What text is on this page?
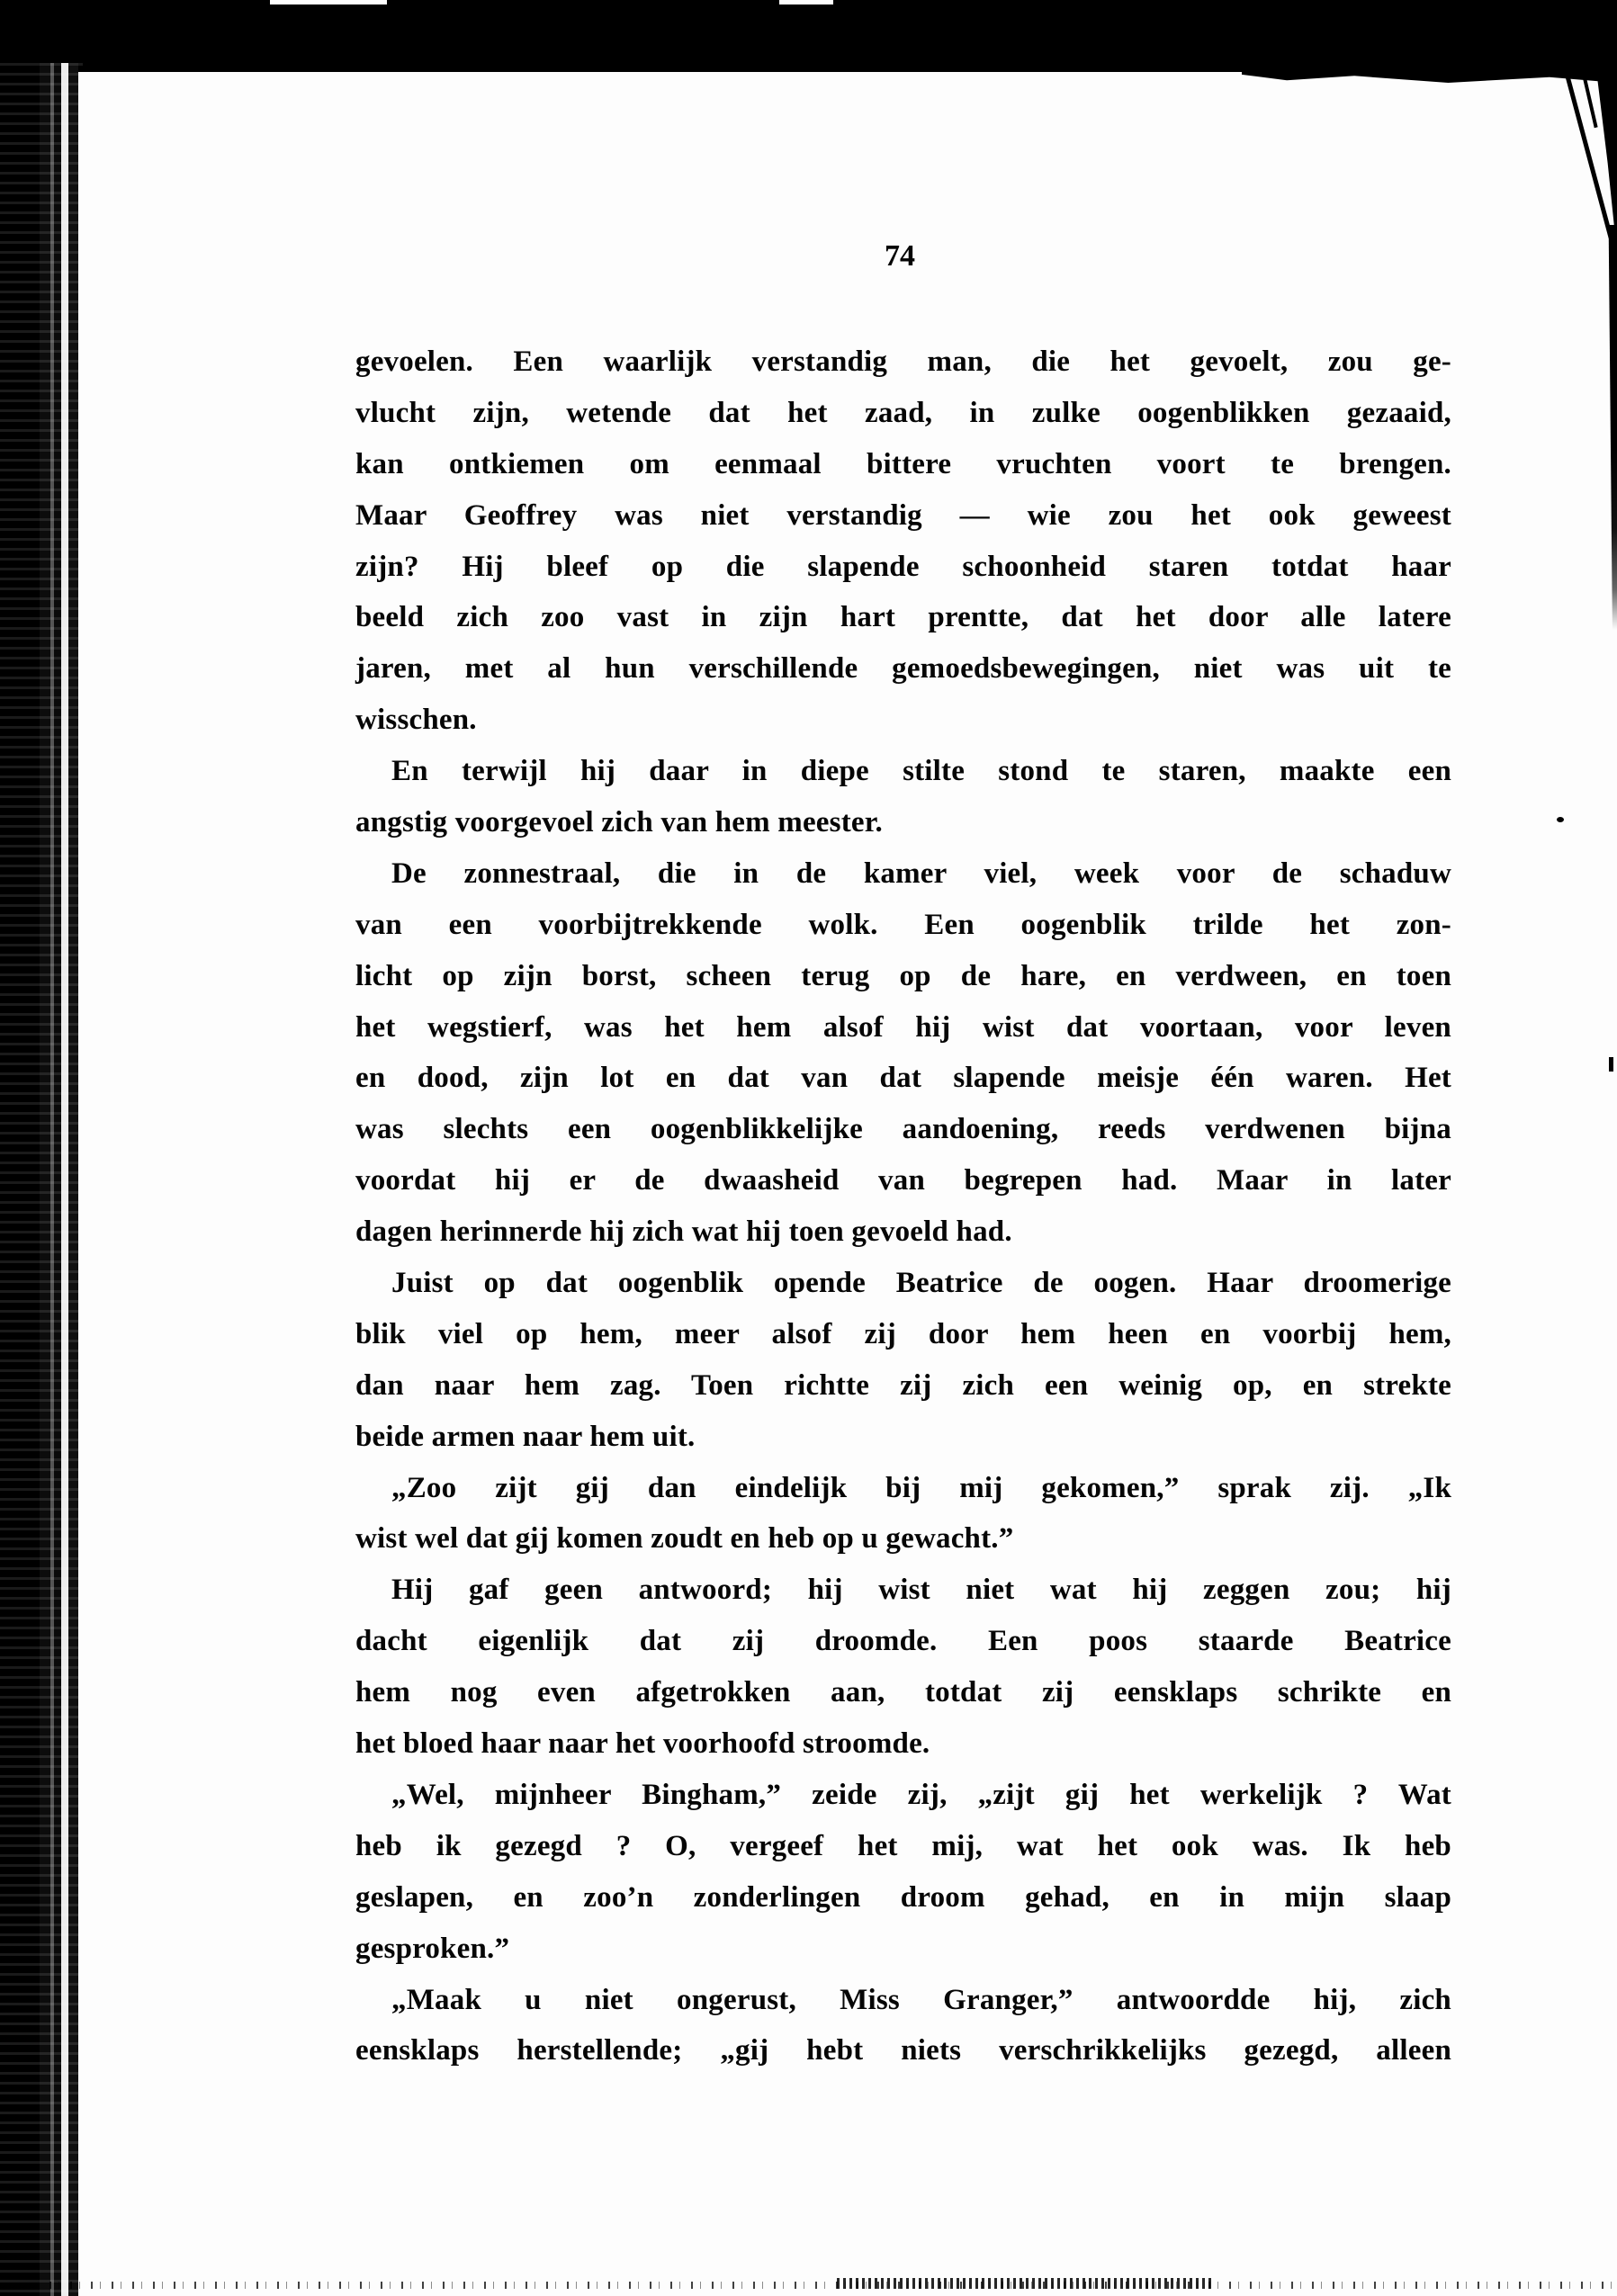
74
gevoelen. Een waarlijk verstandig man, die het gevoelt, zou ge-
vlucht zijn, wetende dat het zaad, in zulke oogenblikken gezaaid,
kan ontkiemen om eenmaal bittere vruchten voort te brengen.
Maar Geoffrey was niet verstandig — wie zou het ook geweest
zijn? Hij bleef op die slapende schoonheid staren totdat haar
beeld zich zoo vast in zijn hart prentte, dat het door alle latere
jaren, met al hun verschillende gemoedsbewegingen, niet was uit te
wisschen.
En terwijl hij daar in diepe stilte stond te staren, maakte een
angstig voorgevoel zich van hem meester.
De zonnestraal, die in de kamer viel, week voor de schaduw
van een voorbijtrekkende wolk. Een oogenblik trilde het zon-
licht op zijn borst, scheen terug op de hare, en verdween, en toen
het wegstierf, was het hem alsof hij wist dat voortaan, voor leven
en dood, zijn lot en dat van dat slapende meisje één waren. Het
was slechts een oogenblikkelijke aandoening, reeds verdwenen bijna
voordat hij er de dwaasheid van begrepen had. Maar in later
dagen herinnerde hij zich wat hij toen gevoeld had.
Juist op dat oogenblik opende Beatrice de oogen. Haar droomerige
blik viel op hem, meer alsof zij door hem heen en voorbij hem,
dan naar hem zag. Toen richtte zij zich een weinig op, en strekte
beide armen naar hem uit.
„Zoo zijt gij dan eindelijk bij mij gekomen,” sprak zij. „Ik
wist wel dat gij komen zoudt en heb op u gewacht.”
Hij gaf geen antwoord; hij wist niet wat hij zeggen zou; hij
dacht eigenlijk dat zij droomde. Een poos staarde Beatrice
hem nog even afgetrokken aan, totdat zij eensklaps schrikte en
het bloed haar naar het voorhoofd stroomde.
„Wel, mijnheer Bingham,” zeide zij, „zijt gij het werkelijk ? Wat
heb ik gezegd ? O, vergeef het mij, wat het ook was. Ik heb
geslapen, en zoo’n zonderlingen droom gehad, en in mijn slaap
gesproken.”
„Maak u niet ongerust, Miss Granger,” antwoordde hij, zich
eensklaps herstellende; „gij hebt niets verschrikkelijks gezegd, alleen
